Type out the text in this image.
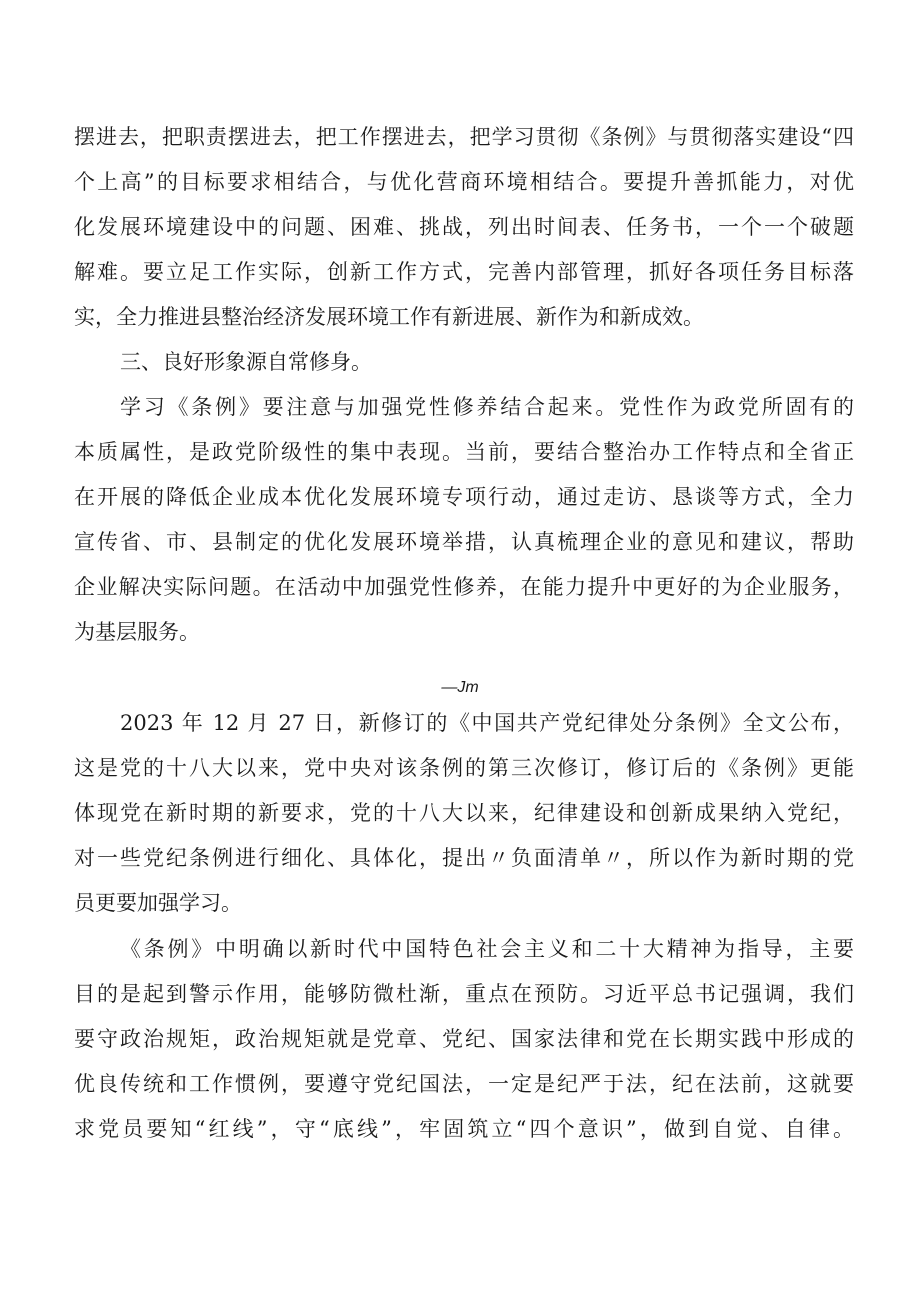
摆进去，把职责摆进去，把工作摆进去，把学习贯彻《条例》与贯彻落实建设“四
个上高”的目标要求相结合，与优化营商环境相结合。要提升善抓能力，对优
化发展环境建设中的问题、困难、挑战，列出时间表、任务书，一个一个破题
解难。要立足工作实际，创新工作方式，完善内部管理，抓好各项任务目标落
实，全力推进县整治经济发展环境工作有新进展、新作为和新成效。
三、良好形象源自常修身。
学习《条例》要注意与加强党性修养结合起来。党性作为政党所固有的
本质属性，是政党阶级性的集中表现。当前，要结合整治办工作特点和全省正
在开展的降低企业成本优化发展环境专项行动，通过走访、恳谈等方式，全力
宣传省、市、县制定的优化发展环境举措，认真梳理企业的意见和建议，帮助
企业解决实际问题。在活动中加强党性修养，在能力提升中更好的为企业服务，
为基层服务。
—Jm
2023 年 12 月 27 日，新修订的《中国共产党纪律处分条例》全文公布，
这是党的十八大以来，党中央对该条例的第三次修订，修订后的《条例》更能
体现党在新时期的新要求，党的十八大以来，纪律建设和创新成果纳入党纪，
对一些党纪条例进行细化、具体化，提出〃负面清单〃，所以作为新时期的党
员更要加强学习。
《条例》中明确以新时代中国特色社会主义和二十大精神为指导，主要
目的是起到警示作用，能够防微杜渐，重点在预防。习近平总书记强调，我们
要守政治规矩，政治规矩就是党章、党纪、国家法律和党在长期实践中形成的
优良传统和工作惯例，要遵守党纪国法，一定是纪严于法，纪在法前，这就要
求党员要知“红线”，守“底线”，牢固筑立“四个意识”，做到自觉、自律。
